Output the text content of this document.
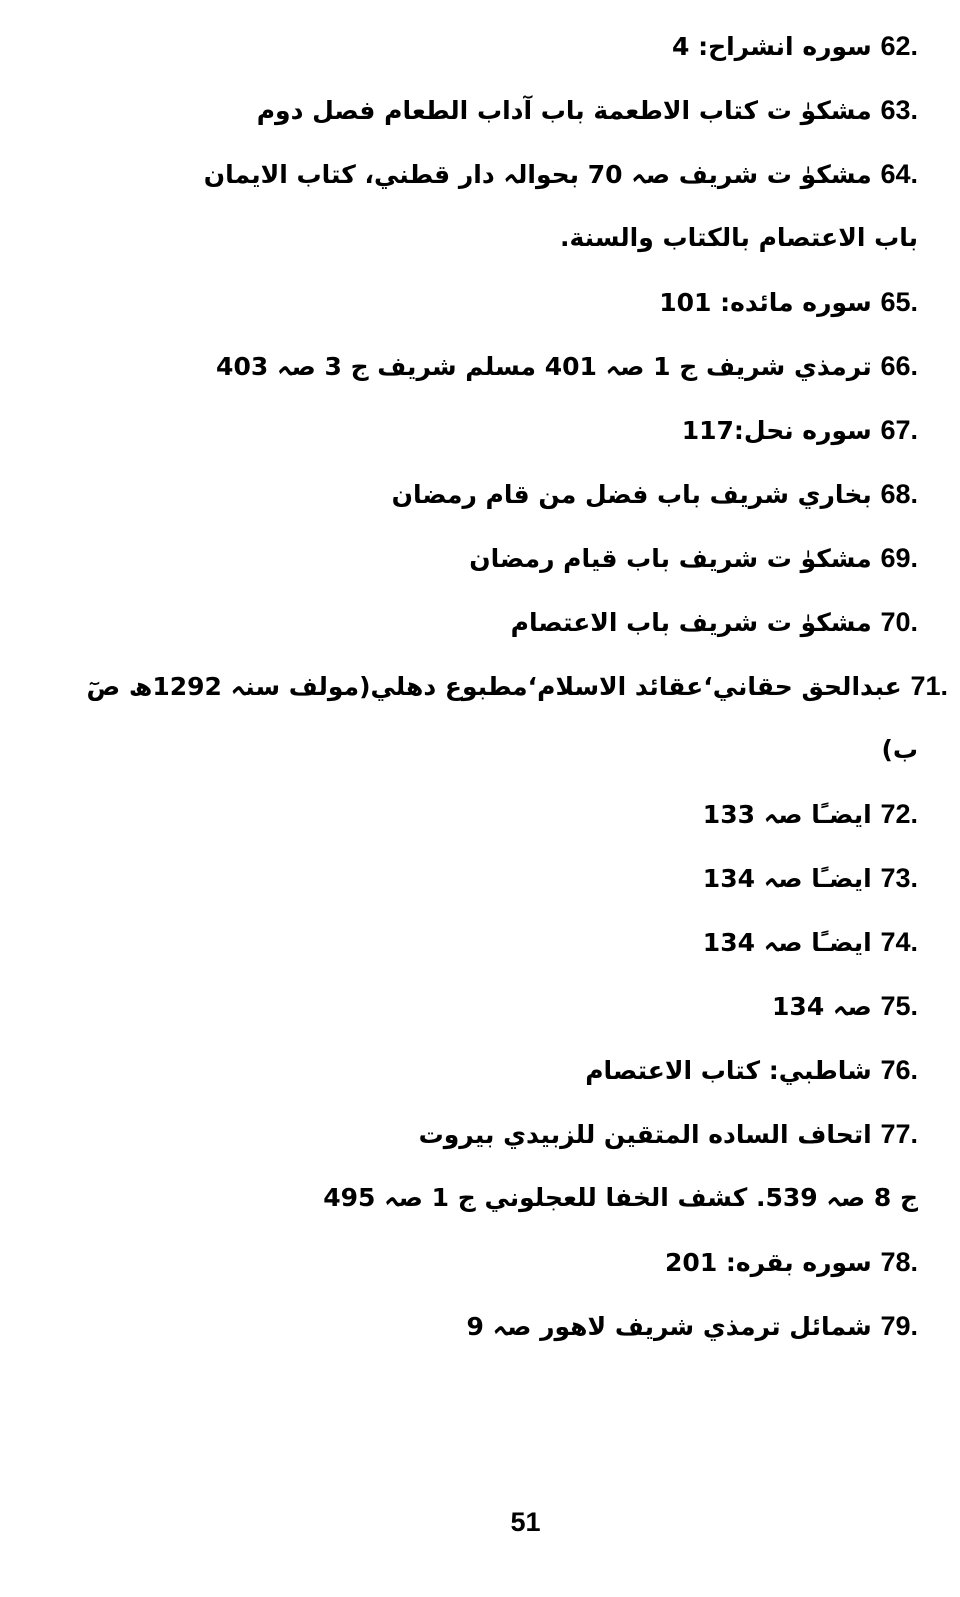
62. سوره انشراح: 4
63. مشكوٰ ت كتاب الاطعمة باب آداب الطعام فصل دوم
64. مشكوٰ ت شريف صہ 70 بحوالہ دار قطني، كتاب الايمان
باب الاعتصام بالكتاب والسنة.
65. سوره مائده: 101
66. ترمذي شريف ج 1 صہ 401 مسلم شريف ج 3 صہ 403
67. سوره نحل:117
68. بخاري شريف باب فضل من قام رمضان
69. مشكوٰ ت شريف باب قيام رمضان
70. مشكوٰ ت شريف باب الاعتصام
71. عبدالحق حقاني‘عقائد الاسلام‘مطبوع دهلي(مولف سنہ 1292ھ صٓ
ب)
72. ايضـًا صہ 133
73. ايضـًا صہ 134
74. ايضـًا صہ 134
75. صہ 134
76. شاطبي: كتاب الاعتصام
77. اتحاف الساده المتقين للزبيدي بيروت
ج 8 صہ 539. كشف الخفا للعجلوني ج 1 صہ 495
78. سوره بقره: 201
79. شمائل ترمذي شريف لاهور صہ 9
51
